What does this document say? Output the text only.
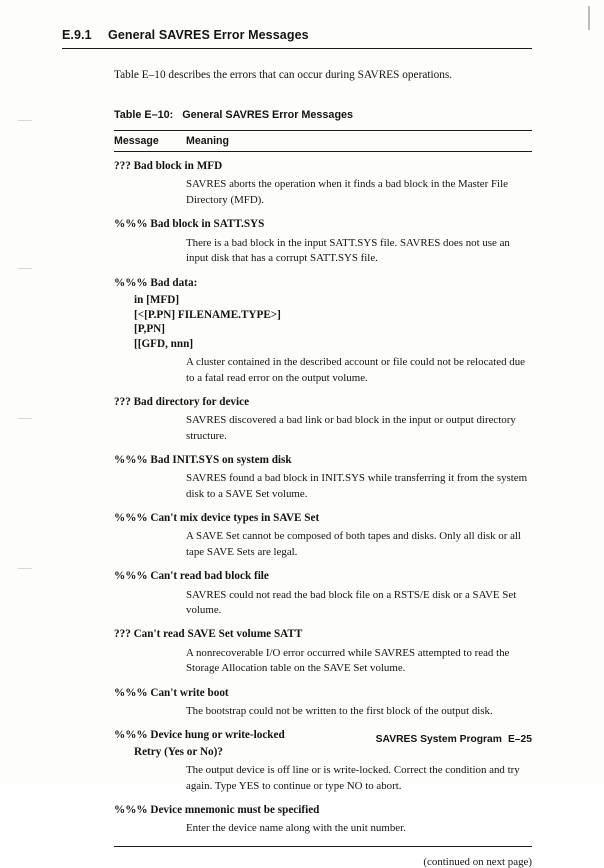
E.9.1 General SAVRES Error Messages

Table E–10 describes the errors that can occur during SAVRES operations.

Table E–10: General SAVRES Error Messages
Message	Meaning
??? Bad block in MFD
SAVRES aborts the operation when it finds a bad block in the Master File Directory (MFD).
%%% Bad block in SATT.SYS
There is a bad block in the input SATT.SYS file. SAVRES does not use an input disk that has a corrupt SATT.SYS file.
%%% Bad data:
in [MFD]
[<[P.PN] FILENAME.TYPE>]
[P,PN]
[[GFD, nnn]
A cluster contained in the described account or file could not be relocated due to a fatal read error on the output volume.
??? Bad directory for device
SAVRES discovered a bad link or bad block in the input or output directory structure.
%%% Bad INIT.SYS on system disk
SAVRES found a bad block in INIT.SYS while transferring it from the system disk to a SAVE Set volume.
%%% Can't mix device types in SAVE Set
A SAVE Set cannot be composed of both tapes and disks. Only all disk or all tape SAVE Sets are legal.
%%% Can't read bad block file
SAVRES could not read the bad block file on a RSTS/E disk or a SAVE Set volume.
??? Can't read SAVE Set volume SATT
A nonrecoverable I/O error occurred while SAVRES attempted to read the Storage Allocation table on the SAVE Set volume.
%%% Can't write boot
The bootstrap could not be written to the first block of the output disk.
%%% Device hung or write-locked
Retry (Yes or No)?
The output device is off line or is write-locked. Correct the condition and try again. Type YES to continue or type NO to abort.
%%% Device mnemonic must be specified
Enter the device name along with the unit number.
(continued on next page)
SAVRES System Program E–25
